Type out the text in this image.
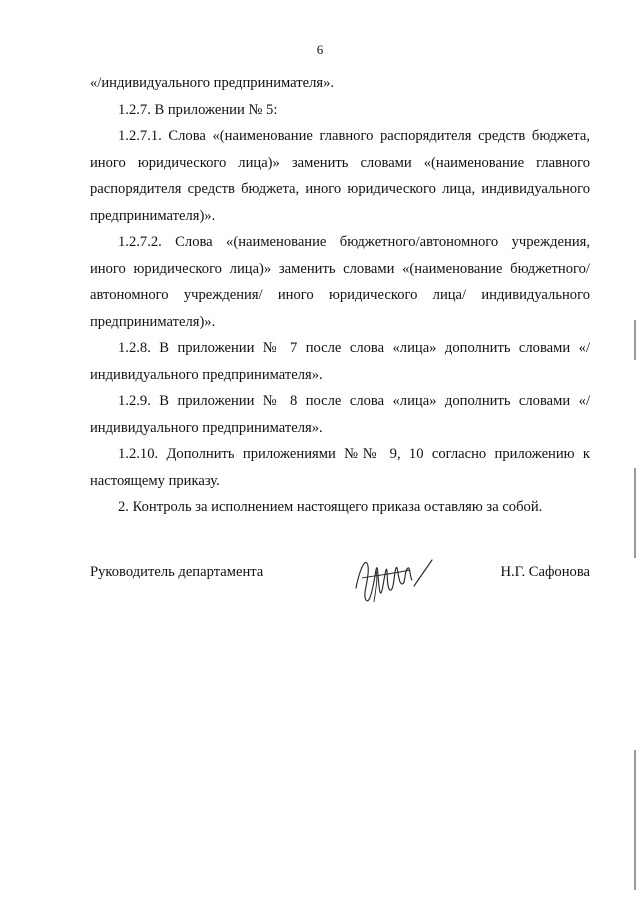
6

«/индивидуального предпринимателя».

1.2.7. В приложении № 5:

1.2.7.1. Слова «(наименование главного распорядителя средств бюджета, иного юридического лица)» заменить словами «(наименование главного распорядителя средств бюджета, иного юридического лица, индивидуального предпринимателя)».

1.2.7.2. Слова «(наименование бюджетного/автономного учреждения, иного юридического лица)» заменить словами «(наименование бюджетного/автономного учреждения/ иного юридического лица/ индивидуального предпринимателя)».

1.2.8. В приложении № 7 после слова «лица» дополнить словами «/индивидуального предпринимателя».

1.2.9. В приложении № 8 после слова «лица» дополнить словами «/индивидуального предпринимателя».

1.2.10. Дополнить приложениями №№ 9, 10 согласно приложению к настоящему приказу.

2. Контроль за исполнением настоящего приказа оставляю за собой.

Руководитель департамента	Н.Г. Сафонова
